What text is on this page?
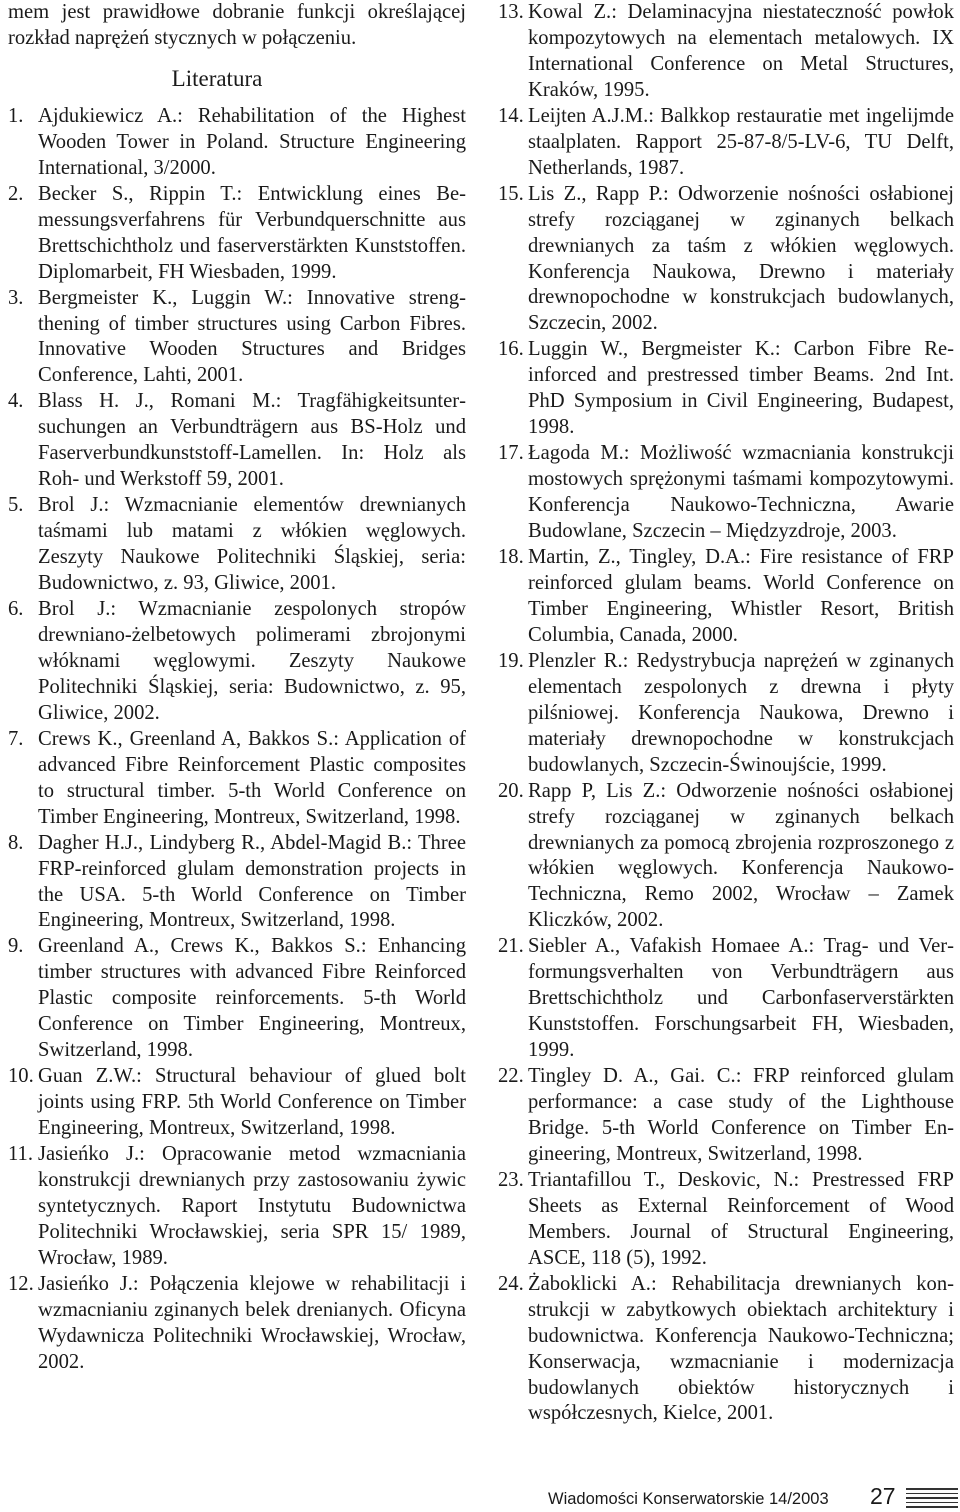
mem jest prawidłowe dobranie funkcji określającej rozkład naprężeń stycznych w połączeniu.

Literatura
1. Ajdukiewicz A.: Rehabilitation of the Highest Wooden Tower in Poland. Structure Engineering International, 3/2000.
2. Becker S., Rippin T.: Entwicklung eines Bemessungsverfahrens für Verbundquerschnitte aus Brettschichtholz und faserverstärkten Kunststoffen. Diplomarbeit, FH Wiesbaden, 1999.
3. Bergmeister K., Luggin W.: Innovative strengthening of timber structures using Carbon Fibres. Innovative Wooden Structures and Bridges Conference, Lahti, 2001.
4. Blass H. J., Romani M.: Tragfähigkeitsuntersuchungen an Verbundträgern aus BS-Holz und Faserverbundkunststoff-Lamellen. In: Holz als Roh- und Werkstoff 59, 2001.
5. Brol J.: Wzmacnianie elementów drewnianych taśmami lub matami z włókien węglowych. Zeszyty Naukowe Politechniki Śląskiej, seria: Budownictwo, z. 93, Gliwice, 2001.
6. Brol J.: Wzmacnianie zespolonych stropów drewniano-żelbetowych polimerami zbrojonymi włóknami węglowymi. Zeszyty Naukowe Politechniki Śląskiej, seria: Budownictwo, z. 95, Gliwice, 2002.
7. Crews K., Greenland A, Bakkos S.: Application of advanced Fibre Reinforcement Plastic composites to structural timber. 5-th World Conference on Timber Engineering, Montreux, Switzerland, 1998.
8. Dagher H.J., Lindyberg R., Abdel-Magid B.: Three FRP-reinforced glulam demonstration projects in the USA. 5-th World Conference on Timber Engineering, Montreux, Switzerland, 1998.
9. Greenland A., Crews K., Bakkos S.: Enhancing timber structures with advanced Fibre Reinforced Plastic composite reinforcements. 5-th World Conference on Timber Engineering, Montreux, Switzerland, 1998.
10. Guan Z.W.: Structural behaviour of glued bolt joints using FRP. 5th World Conference on Timber Engineering, Montreux, Switzerland, 1998.
11. Jasieńko J.: Opracowanie metod wzmacniania konstrukcji drewnianych przy zastosowaniu żywic syntetycznych. Raport Instytutu Budownictwa Politechniki Wrocławskiej, seria SPR 15/ 1989, Wrocław, 1989.
12. Jasieńko J.: Połączenia klejowe w rehabilitacji i wzmacnianiu zginanych belek drenianych. Oficyna Wydawnicza Politechniki Wrocławskiej, Wrocław, 2002.
13. Kowal Z.: Delaminacyjna niestateczność powłok kompozytowych na elementach metalowych. IX International Conference on Metal Structures, Kraków, 1995.
14. Leijten A.J.M.: Balkkop restauratie met ingelijmde staalplaten. Rapport 25-87-8/5-LV-6, TU Delft, Netherlands, 1987.
15. Lis Z., Rapp P.: Odworzenie nośności osłabionej strefy rozciąganej w zginanych belkach drewnianych za taśm z włókien węglowych. Konferencja Naukowa, Drewno i materiały drewnopochodne w konstrukcjach budowlanych, Szczecin, 2002.
16. Luggin W., Bergmeister K.: Carbon Fibre Reinforced and prestressed timber Beams. 2nd Int. PhD Symposium in Civil Engineering, Budapest, 1998.
17. Łagoda M.: Możliwość wzmacniania konstrukcji mostowych sprężonymi taśmami kompozytowymi. Konferencja Naukowo-Techniczna, Awarie Budowlane, Szczecin – Międzyzdroje, 2003.
18. Martin, Z., Tingley, D.A.: Fire resistance of FRP reinforced glulam beams. World Conference on Timber Engineering, Whistler Resort, British Columbia, Canada, 2000.
19. Plenzler R.: Redystrybucja naprężeń w zginanych elementach zespolonych z drewna i płyty pilśniowej. Konferencja Naukowa, Drewno i materiały drewnopochodne w konstrukcjach budowlanych, Szczecin-Świnoujście, 1999.
20. Rapp P, Lis Z.: Odworzenie nośności osłabionej strefy rozciąganej w zginanych belkach drewnianych za pomocą zbrojenia rozproszonego z włókien węglowych. Konferencja Naukowo-Techniczna, Remo 2002, Wrocław – Zamek Kliczków, 2002.
21. Siebler A., Vafakish Homaee A.: Trag- und Verformungsverhalten von Verbundträgern aus Brettschichtholz und Carbonfaserverstärkten Kunststoffen. Forschungsarbeit FH, Wiesbaden, 1999.
22. Tingley D. A., Gai. C.: FRP reinforced glulam performance: a case study of the Lighthouse Bridge. 5-th World Conference on Timber Engineering, Montreux, Switzerland, 1998.
23. Triantafillou T., Deskovic, N.: Prestressed FRP Sheets as External Reinforcement of Wood Members. Journal of Structural Engineering, ASCE, 118 (5), 1992.
24. Żaboklicki A.: Rehabilitacja drewnianych konstrukcji w zabytkowych obiektach architektury i budownictwa. Konferencja Naukowo-Techniczna; Konserwacja, wzmacnianie i modernizacja budowlanych obiektów historycznych i współczesnych, Kielce, 2001.
Wiadomości Konserwatorskie 14/2003 27
